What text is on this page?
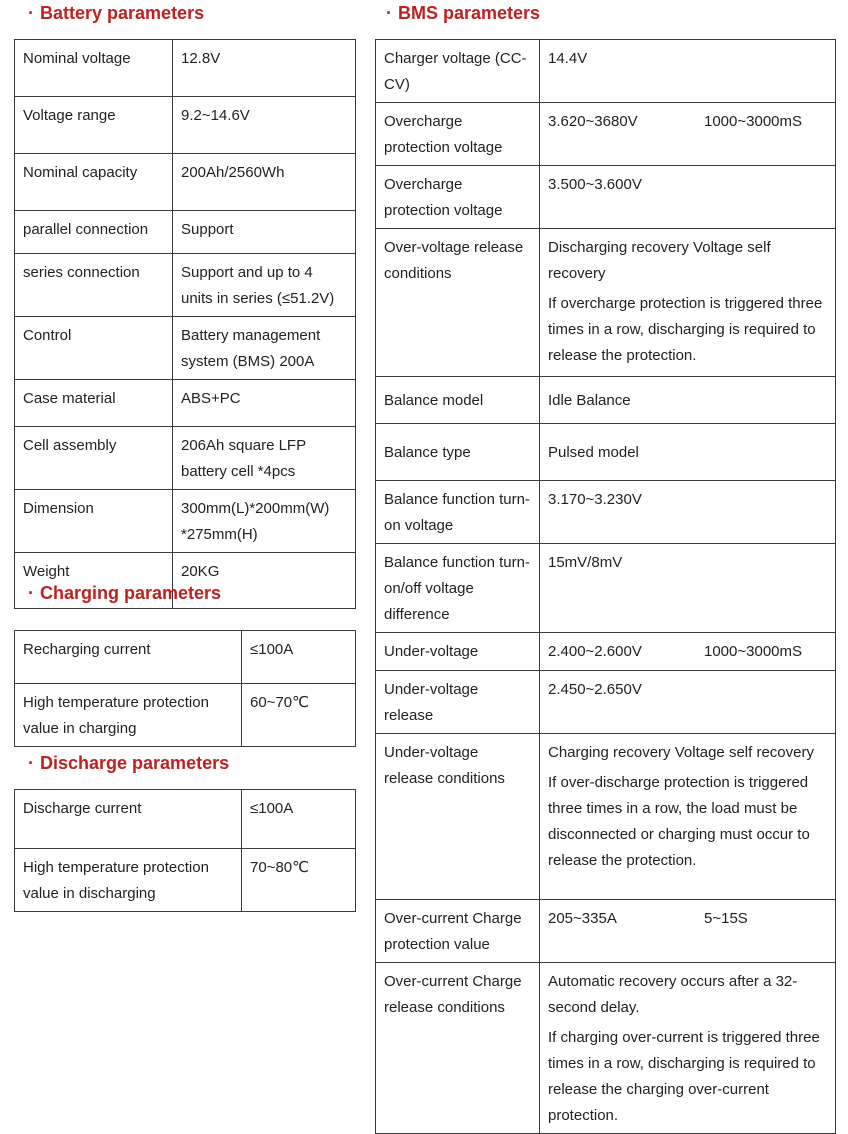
· Battery parameters
Nominal voltage	12.8V
Voltage range	9.2~14.6V
Nominal capacity	200Ah/2560Wh
parallel connection	Support
series connection	Support and up to 4 units in series (≤51.2V)
Control	Battery management system (BMS) 200A
Case material	ABS+PC
Cell assembly	206Ah square LFP battery cell *4pcs
Dimension	300mm(L)*200mm(W) *275mm(H)
Weight	20KG
· Charging parameters
Recharging current	≤100A
High temperature protection value in charging	60~70℃
· Discharge parameters
Discharge current	≤100A
High temperature protection value in discharging	70~80℃
· BMS parameters
Charger voltage (CC-CV)	14.4V
Overcharge protection voltage	3.620~3680V 1000~3000mS
Overcharge protection voltage	3.500~3.600V
Over-voltage release conditions	Discharging recovery Voltage self recovery
If overcharge protection is triggered three times in a row, discharging is required to release the protection.

Balance model	Idle Balance
Balance type	Pulsed model
Balance function turn-on voltage	3.170~3.230V
Balance function turn-on/off voltage difference	15mV/8mV
Under-voltage	2.400~2.600V 1000~3000mS
Under-voltage release	2.450~2.650V
Under-voltage release conditions	Charging recovery Voltage self recovery
If over-discharge protection is triggered three times in a row, the load must be disconnected or charging must occur to release the protection.

Over-current Charge protection value	205~335A 5~15S
Over-current Charge release conditions	Automatic recovery occurs after a 32-second delay.
If charging over-current is triggered three times in a row, discharging is required to release the charging over-current protection.
